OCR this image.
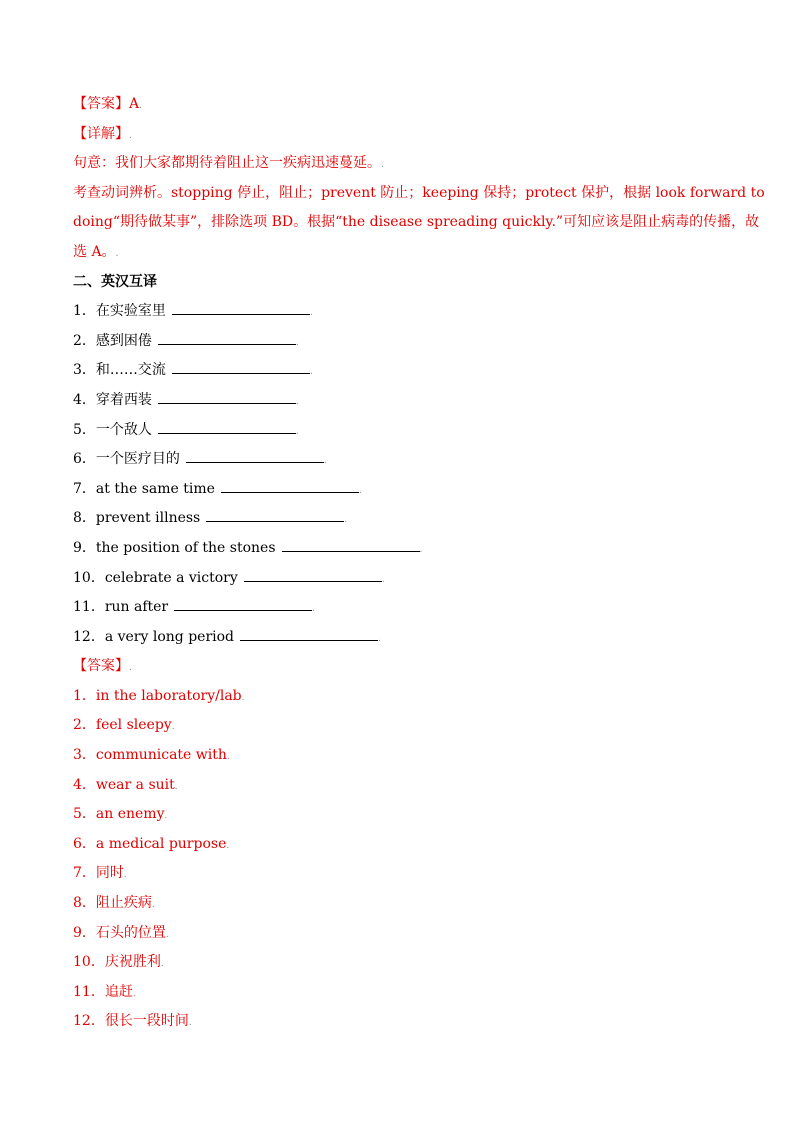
【答案】A.
【详解】.
句意：我们大家都期待着阻止这一疾病迅速蔓延。.
考查动词辨析。stopping 停止，阻止；prevent 防止；keeping 保持；protect 保护，根据 look forward to
doing“期待做某事”，排除选项 BD。根据“the disease spreading quickly.”可知应该是阻止病毒的传播，故
选 A。.
二、英汉互译
1．在实验室里	.
2．感到困倦	.
3．和……交流	.
4．穿着西装	.
5．一个敌人	.
6．一个医疗目的	.
7．at the same time	.
8．prevent illness	.
9．the position of the stones	.
10．celebrate a victory	.
11．run after	.
12．a very long period	.
【答案】.
1．in the laboratory/lab.
2．feel sleepy.
3．communicate with.
4．wear a suit.
5．an enemy.
6．a medical purpose.
7．同时.
8．阻止疾病.
9．石头的位置.
10．庆祝胜利.
11．追赶.
12．很长一段时间.
